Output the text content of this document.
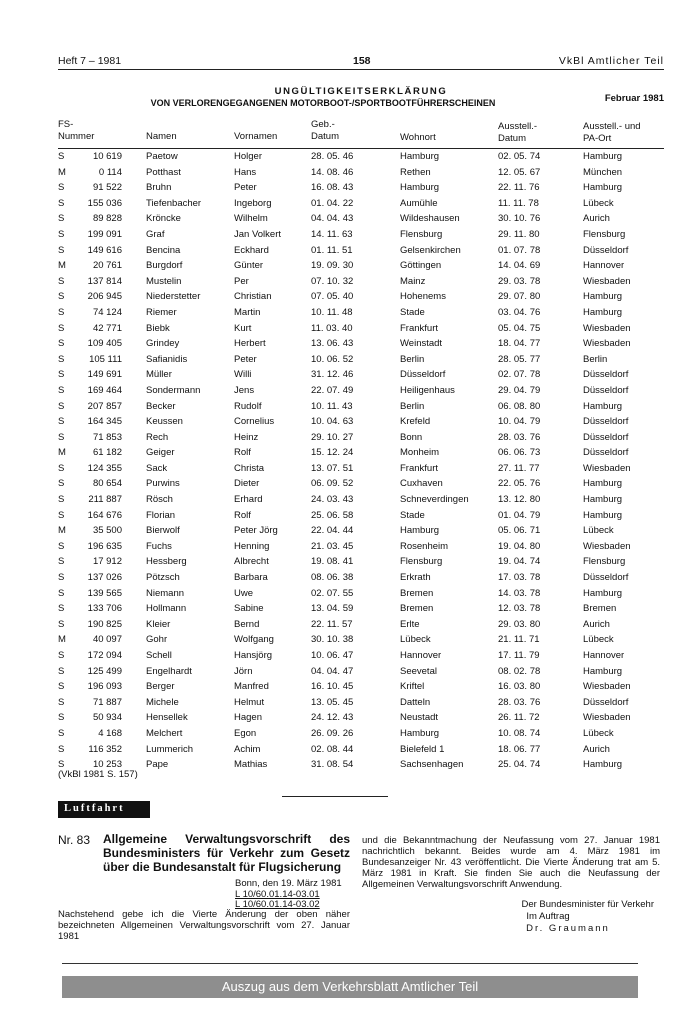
Heft 7 – 1981	158	VkBl Amtlicher Teil
UNGÜLTIGKEITSERKLÄRUNG
Februar 1981
VON VERLORENGEGANGENEN MOTORBOOT-/SPORTBOOTFÜHRERSCHEINEN
FS-
Nummer	Namen	Vornamen
Geb.-
Datum	Wohnort
Ausstell.-
Datum
Ausstell.- und
PA-Ort
S	10 619	Paetow	Holger	28. 05. 46	Hamburg	02. 05. 74	Hamburg
M	0 114	Potthast	Hans	14. 08. 46	Rethen	12. 05. 67	München
S	91 522	Bruhn	Peter	16. 08. 43	Hamburg	22. 11. 76	Hamburg
S	155 036	Tiefenbacher	Ingeborg	01. 04. 22	Aumühle	11. 11. 78	Lübeck
S	89 828	Kröncke	Wilhelm	04. 04. 43	Wildeshausen	30. 10. 76	Aurich
S	199 091	Graf	Jan Volkert	14. 11. 63	Flensburg	29. 11. 80	Flensburg
S	149 616	Bencina	Eckhard	01. 11. 51	Gelsenkirchen	01. 07. 78	Düsseldorf
M	20 761	Burgdorf	Günter	19. 09. 30	Göttingen	14. 04. 69	Hannover
S	137 814	Mustelin	Per	07. 10. 32	Mainz	29. 03. 78	Wiesbaden
S	206 945	Niederstetter	Christian	07. 05. 40	Hohenems	29. 07. 80	Hamburg
S	74 124	Riemer	Martin	10. 11. 48	Stade	03. 04. 76	Hamburg
S	42 771	Biebk	Kurt	11. 03. 40	Frankfurt	05. 04. 75	Wiesbaden
S	109 405	Grindey	Herbert	13. 06. 43	Weinstadt	18. 04. 77	Wiesbaden
S	105 111	Safianidis	Peter	10. 06. 52	Berlin	28. 05. 77	Berlin
S	149 691	Müller	Willi	31. 12. 46	Düsseldorf	02. 07. 78	Düsseldorf
S	169 464	Sondermann	Jens	22. 07. 49	Heiligenhaus	29. 04. 79	Düsseldorf
S	207 857	Becker	Rudolf	10. 11. 43	Berlin	06. 08. 80	Hamburg
S	164 345	Keussen	Cornelius	10. 04. 63	Krefeld	10. 04. 79	Düsseldorf
S	71 853	Rech	Heinz	29. 10. 27	Bonn	28. 03. 76	Düsseldorf
M	61 182	Geiger	Rolf	15. 12. 24	Monheim	06. 06. 73	Düsseldorf
S	124 355	Sack	Christa	13. 07. 51	Frankfurt	27. 11. 77	Wiesbaden
S	80 654	Purwins	Dieter	06. 09. 52	Cuxhaven	22. 05. 76	Hamburg
S	211 887	Rösch	Erhard	24. 03. 43	Schneverdingen	13. 12. 80	Hamburg
S	164 676	Florian	Rolf	25. 06. 58	Stade	01. 04. 79	Hamburg
M	35 500	Bierwolf	Peter Jörg	22. 04. 44	Hamburg	05. 06. 71	Lübeck
S	196 635	Fuchs	Henning	21. 03. 45	Rosenheim	19. 04. 80	Wiesbaden
S	17 912	Hessberg	Albrecht	19. 08. 41	Flensburg	19. 04. 74	Flensburg
S	137 026	Pötzsch	Barbara	08. 06. 38	Erkrath	17. 03. 78	Düsseldorf
S	139 565	Niemann	Uwe	02. 07. 55	Bremen	14. 03. 78	Hamburg
S	133 706	Hollmann	Sabine	13. 04. 59	Bremen	12. 03. 78	Bremen
S	190 825	Kleier	Bernd	22. 11. 57	Erlte	29. 03. 80	Aurich
M	40 097	Gohr	Wolfgang	30. 10. 38	Lübeck	21. 11. 71	Lübeck
S	172 094	Schell	Hansjörg	10. 06. 47	Hannover	17. 11. 79	Hannover
S	125 499	Engelhardt	Jörn	04. 04. 47	Seevetal	08. 02. 78	Hamburg
S	196 093	Berger	Manfred	16. 10. 45	Kriftel	16. 03. 80	Wiesbaden
S	71 887	Michele	Helmut	13. 05. 45	Datteln	28. 03. 76	Düsseldorf
S	50 934	Hensellek	Hagen	24. 12. 43	Neustadt	26. 11. 72	Wiesbaden
S	4 168	Melchert	Egon	26. 09. 26	Hamburg	10. 08. 74	Lübeck
S	116 352	Lummerich	Achim	02. 08. 44	Bielefeld 1	18. 06. 77	Aurich
S	10 253	Pape	Mathias	31. 08. 54	Sachsenhagen	25. 04. 74	Hamburg
(VkBl 1981 S. 157)
Luftfahrt
Nr. 83 Allgemeine Verwaltungsvorschrift des Bundesministers für Verkehr zum Gesetz über die Bundesanstalt für Flugsicherung
Bonn, den 19. März 1981
L 10/60.01.14-03.01
L 10/60.01.14-03.02
Nachstehend gebe ich die Vierte Änderung der oben näher bezeichneten Allgemeinen Verwaltungsvorschrift vom 27. Januar 1981
und die Bekanntmachung der Neufassung vom 27. Januar 1981 nachrichtlich bekannt. Beides wurde am 4. März 1981 im Bundesanzeiger Nr. 43 veröffentlicht. Die Vierte Änderung trat am 5. März 1981 in Kraft. Sie finden Sie auch die Neufassung der Allgemeinen Verwaltungsvorschrift Anwendung.
Der Bundesminister für Verkehr
Im Auftrag
Dr. Graumann
Auszug aus dem Verkehrsblatt Amtlicher Teil
